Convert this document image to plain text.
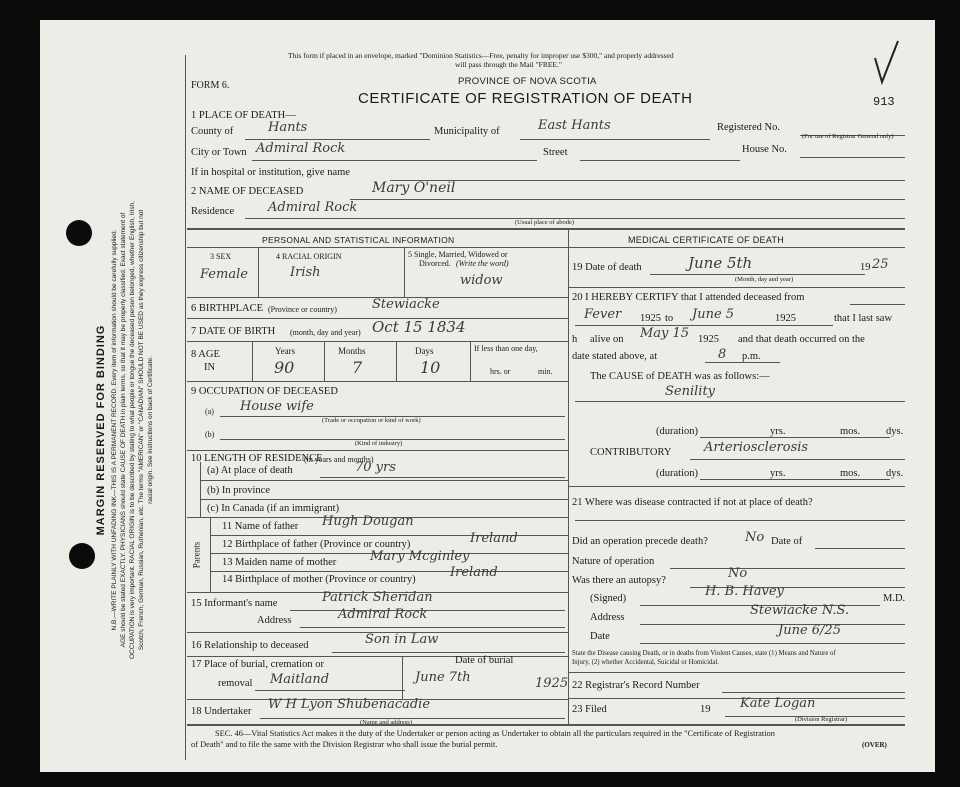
MARGIN RESERVED FOR BINDING N.B.—WRITE PLAINLY WITH UNFADING INK—THIS IS A PERMANENT RECORD. Every item of information should be carefully supplied. AGE should be stated EXACTLY. PHYSICIANS should state CAUSE OF DEATH in plain terms, so that it may be properly classified. Exact statement of OCCUPATION is very important. RACIAL ORIGIN is to be described by stating to what people or tongue the deceased person belonged, whether English, Irish, Scotch, French, German, Russian, Ruthenian, etc. The terms "AMERICAN" or "CANADIAN" SHOULD NOT BE USED as they express citizenship but not racial origin. See instructions on back of Certificate.
This form if placed in an envelope, marked "Dominion Statistics—Free, penalty for improper use $300," and properly addressed
will pass through the Mail "FREE."
FORM 6.	PROVINCE OF NOVA SCOTIA
CERTIFICATE OF REGISTRATION OF DEATH	913
1 PLACE OF DEATH—
County of	Hants	Municipality of	East Hants	Registered No.
(For use of Registrar General only)
City or Town Admiral Rock	Street	House No.
If in hospital or institution, give name
2 NAME OF DECEASED	Mary O'neil
Residence	Admiral Rock
(Usual place of abode)
PERSONAL AND STATISTICAL INFORMATION
3 SEX	4 RACIAL ORIGIN	5 Single, Married, Widowed or
Divorced. (Write the word)
Female	Irish
widow
6 BIRTHPLACE (Province or country)	Stewiacke
7 DATE OF BIRTH (month, day and year) Oct 15 1834
8 AGE
IN
Years	Months	Days	If less than one day,
90	7	10	hrs. or	min.
9 OCCUPATION OF DECEASED
(a) House wife
(Trade or occupation or kind of work)
(b)
(Kind of industry)
10 LENGTH OF RESIDENCE
(in years and months)
(a) At place of death	70 yrs
(b) In province
(c) In Canada (if an immigrant)
Parents
11 Name of father Hugh Dougan
12 Birthplace of father (Province or country)	Ireland
13 Maiden name of mother	Mary Mcginley
14 Birthplace of mother (Province or country)	Ireland
15 Informant's name	Patrick Sheridan
Address	Admiral Rock
16 Relationship to deceased	Son in Law
17 Place of burial, cremation or
removal Maitland
Date of burial
June 7th	1925
18 Undertaker W H Lyon Shubenacadie
(Name and address)
MEDICAL CERTIFICATE OF DEATH
19 Date of death	June 5th	19 25
(Month, day and year)
20 I HEREBY CERTIFY that I attended deceased from
Fever 1925 to June 5	1925	that I last saw
h alive on May 15 1925 and that death occurred on the
date stated above, at	8 p.m.
The CAUSE of DEATH was as follows:—
Senility
(duration)	yrs.	mos. dys.
CONTRIBUTORY	Arteriosclerosis
(duration)	yrs.	mos. dys.
21 Where was disease contracted if not at place of death?
Did an operation precede death?	No Date of
Nature of operation
Was there an autopsy?	No
(Signed)	H. B. Havey	M.D.
Address	Stewiacke N.S.
Date	June 6/25
State the Disease causing Death, or in deaths from Violent Causes, state (1) Means and Nature of
Injury, (2) whether Accidental, Suicidal or Homicidal.
22 Registrar's Record Number
23 Filed	19 Kate Logan
(Division Registrar)
SEC. 46—Vital Statistics Act makes it the duty of the Undertaker or person acting as Undertaker to obtain all the particulars required in the "Certificate of Registration
of Death" and to file the same with the Division Registrar who shall issue the burial permit.	(OVER)
